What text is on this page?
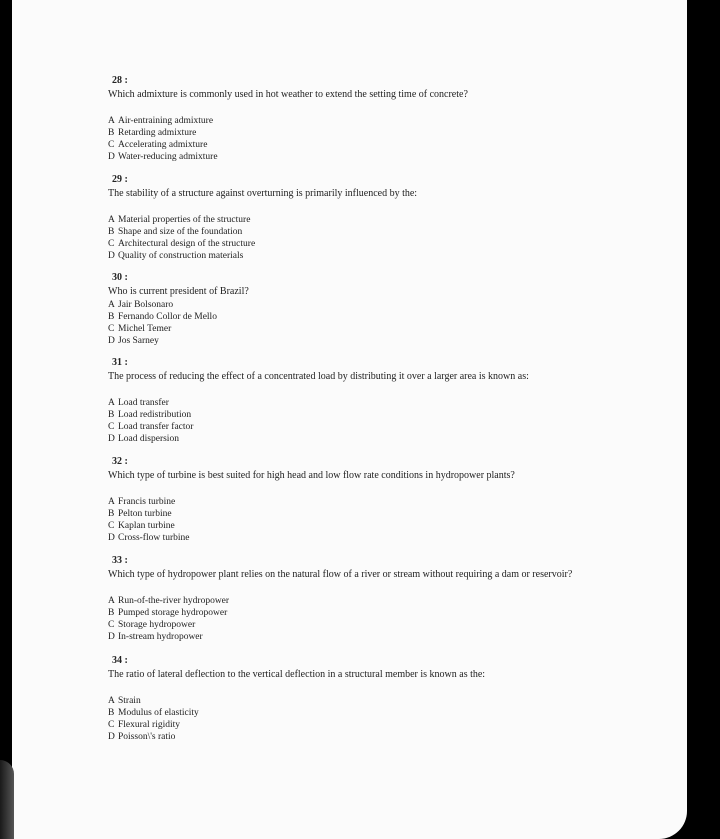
28 :
Which admixture is commonly used in hot weather to extend the setting time of concrete?
A Air-entraining admixture
B Retarding admixture
C Accelerating admixture
D Water-reducing admixture
29 :
The stability of a structure against overturning is primarily influenced by the:
A Material properties of the structure
B Shape and size of the foundation
C Architectural design of the structure
D Quality of construction materials
30 :
Who is current president of Brazil?
A Jair Bolsonaro
B Fernando Collor de Mello
C Michel Temer
D Jos Sarney
31 :
The process of reducing the effect of a concentrated load by distributing it over a larger area is known as:
A Load transfer
B Load redistribution
C Load transfer factor
D Load dispersion
32 :
Which type of turbine is best suited for high head and low flow rate conditions in hydropower plants?
A Francis turbine
B Pelton turbine
C Kaplan turbine
D Cross-flow turbine
33 :
Which type of hydropower plant relies on the natural flow of a river or stream without requiring a dam or reservoir?
A Run-of-the-river hydropower
B Pumped storage hydropower
C Storage hydropower
D In-stream hydropower
34 :
The ratio of lateral deflection to the vertical deflection in a structural member is known as the:
A Strain
B Modulus of elasticity
C Flexural rigidity
D Poisson\'s ratio
